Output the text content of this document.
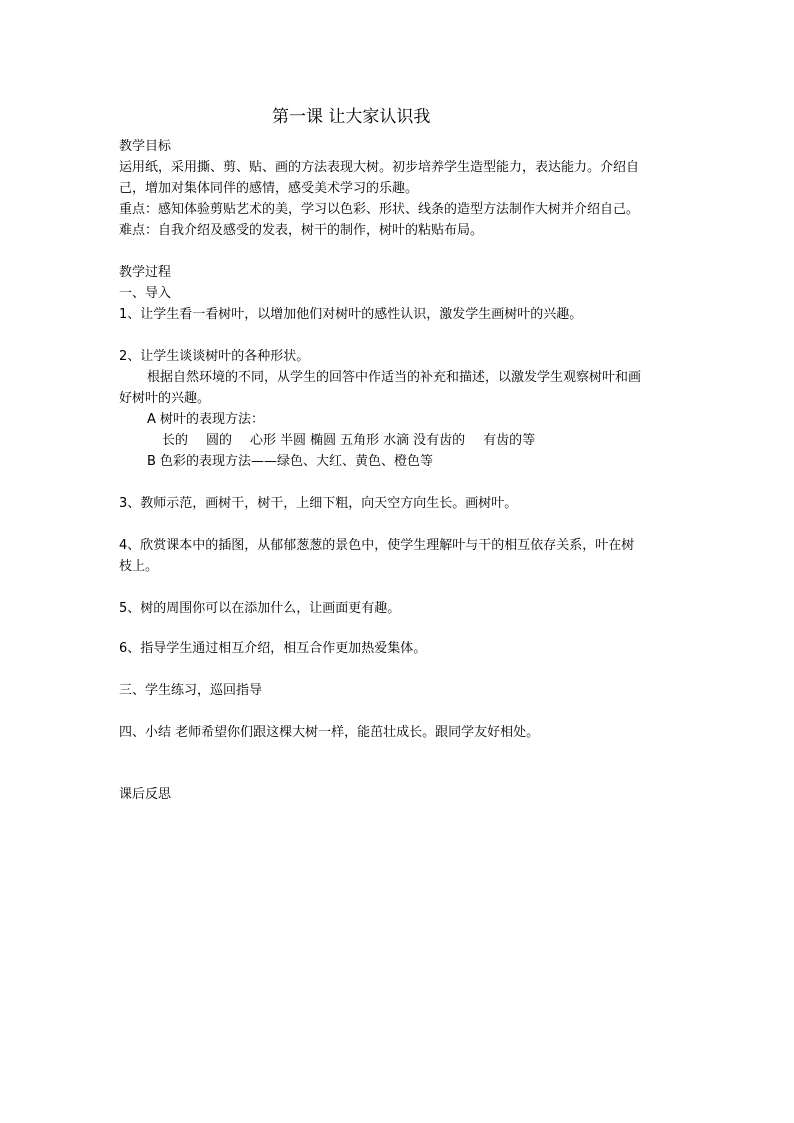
第一课 让大家认识我
教学目标
运用纸，采用撕、剪、贴、画的方法表现大树。初步培养学生造型能力，表达能力。介绍自
己，增加对集体同伴的感情，感受美术学习的乐趣。
重点：感知体验剪贴艺术的美，学习以色彩、形状、线条的造型方法制作大树并介绍自己。
难点：自我介绍及感受的发表，树干的制作，树叶的粘贴布局。
教学过程
一、导入
1、让学生看一看树叶，以增加他们对树叶的感性认识，激发学生画树叶的兴趣。
2、让学生谈谈树叶的各种形状。
根据自然环境的不同，从学生的回答中作适当的补充和描述，以激发学生观察树叶和画
好树叶的兴趣。
A 树叶的表现方法：
长的 圆的 心形 半圆 椭圆 五角形 水滴 没有齿的 有齿的等
B 色彩的表现方法——绿色、大红、黄色、橙色等
3、教师示范，画树干，树干，上细下粗，向天空方向生长。画树叶。
4、欣赏课本中的插图，从郁郁葱葱的景色中，使学生理解叶与干的相互依存关系，叶在树
枝上。
5、树的周围你可以在添加什么，让画面更有趣。
6、指导学生通过相互介绍，相互合作更加热爱集体。
三、学生练习，巡回指导
四、小结 老师希望你们跟这棵大树一样，能茁壮成长。跟同学友好相处。
课后反思
